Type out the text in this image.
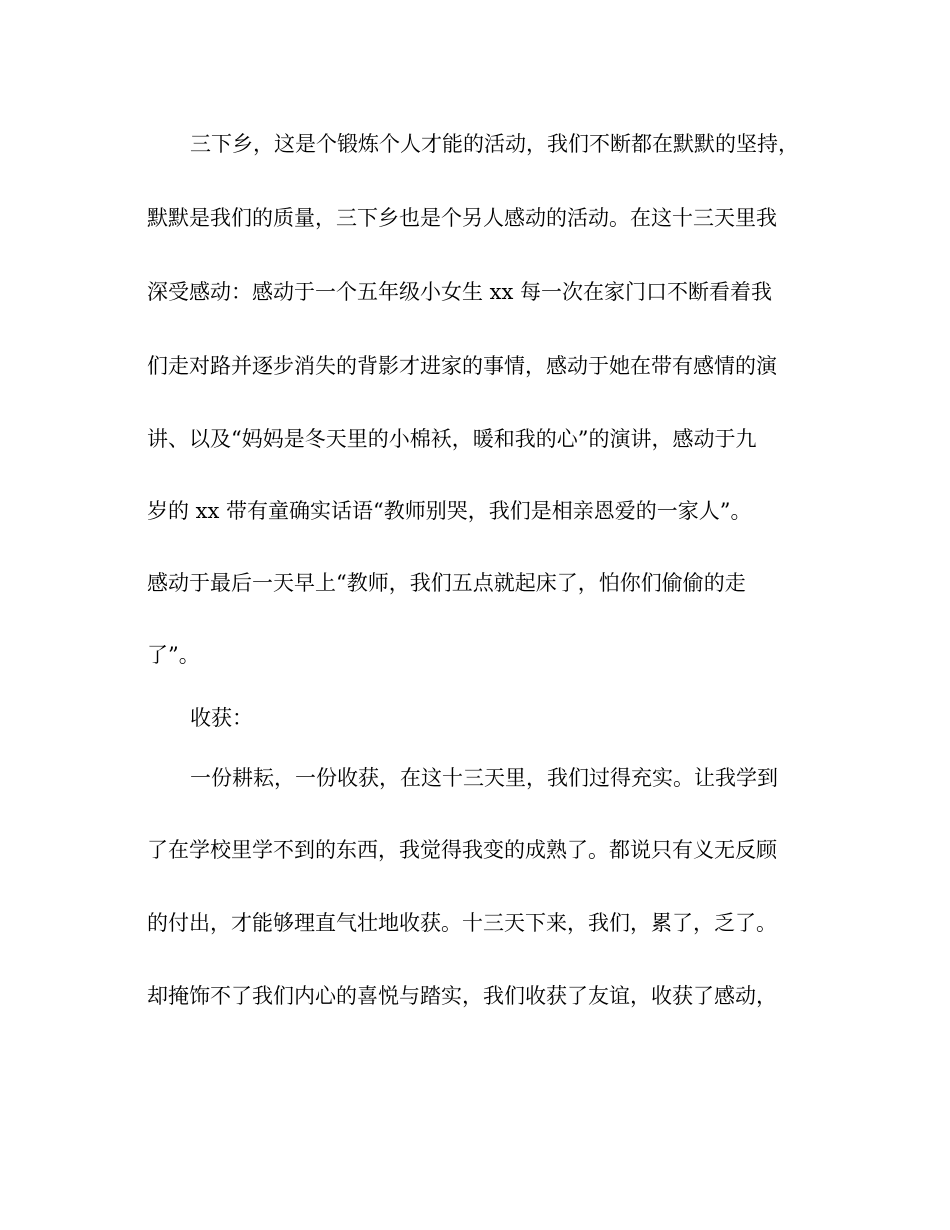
三下乡，这是个锻炼个人才能的活动，我们不断都在默默的坚持，
默默是我们的质量，三下乡也是个另人感动的活动。在这十三天里我
深受感动：感动于一个五年级小女生 xx 每一次在家门口不断看着我
们走对路并逐步消失的背影才进家的事情，感动于她在带有感情的演
讲、以及“妈妈是冬天里的小棉袄，暖和我的心”的演讲，感动于九
岁的 xx 带有童确实话语“教师别哭，我们是相亲恩爱的一家人”。
感动于最后一天早上“教师，我们五点就起床了，怕你们偷偷的走
了”。
收获：
一份耕耘，一份收获，在这十三天里，我们过得充实。让我学到
了在学校里学不到的东西，我觉得我变的成熟了。都说只有义无反顾
的付出，才能够理直气壮地收获。十三天下来，我们，累了，乏了。
却掩饰不了我们内心的喜悦与踏实，我们收获了友谊，收获了感动，
